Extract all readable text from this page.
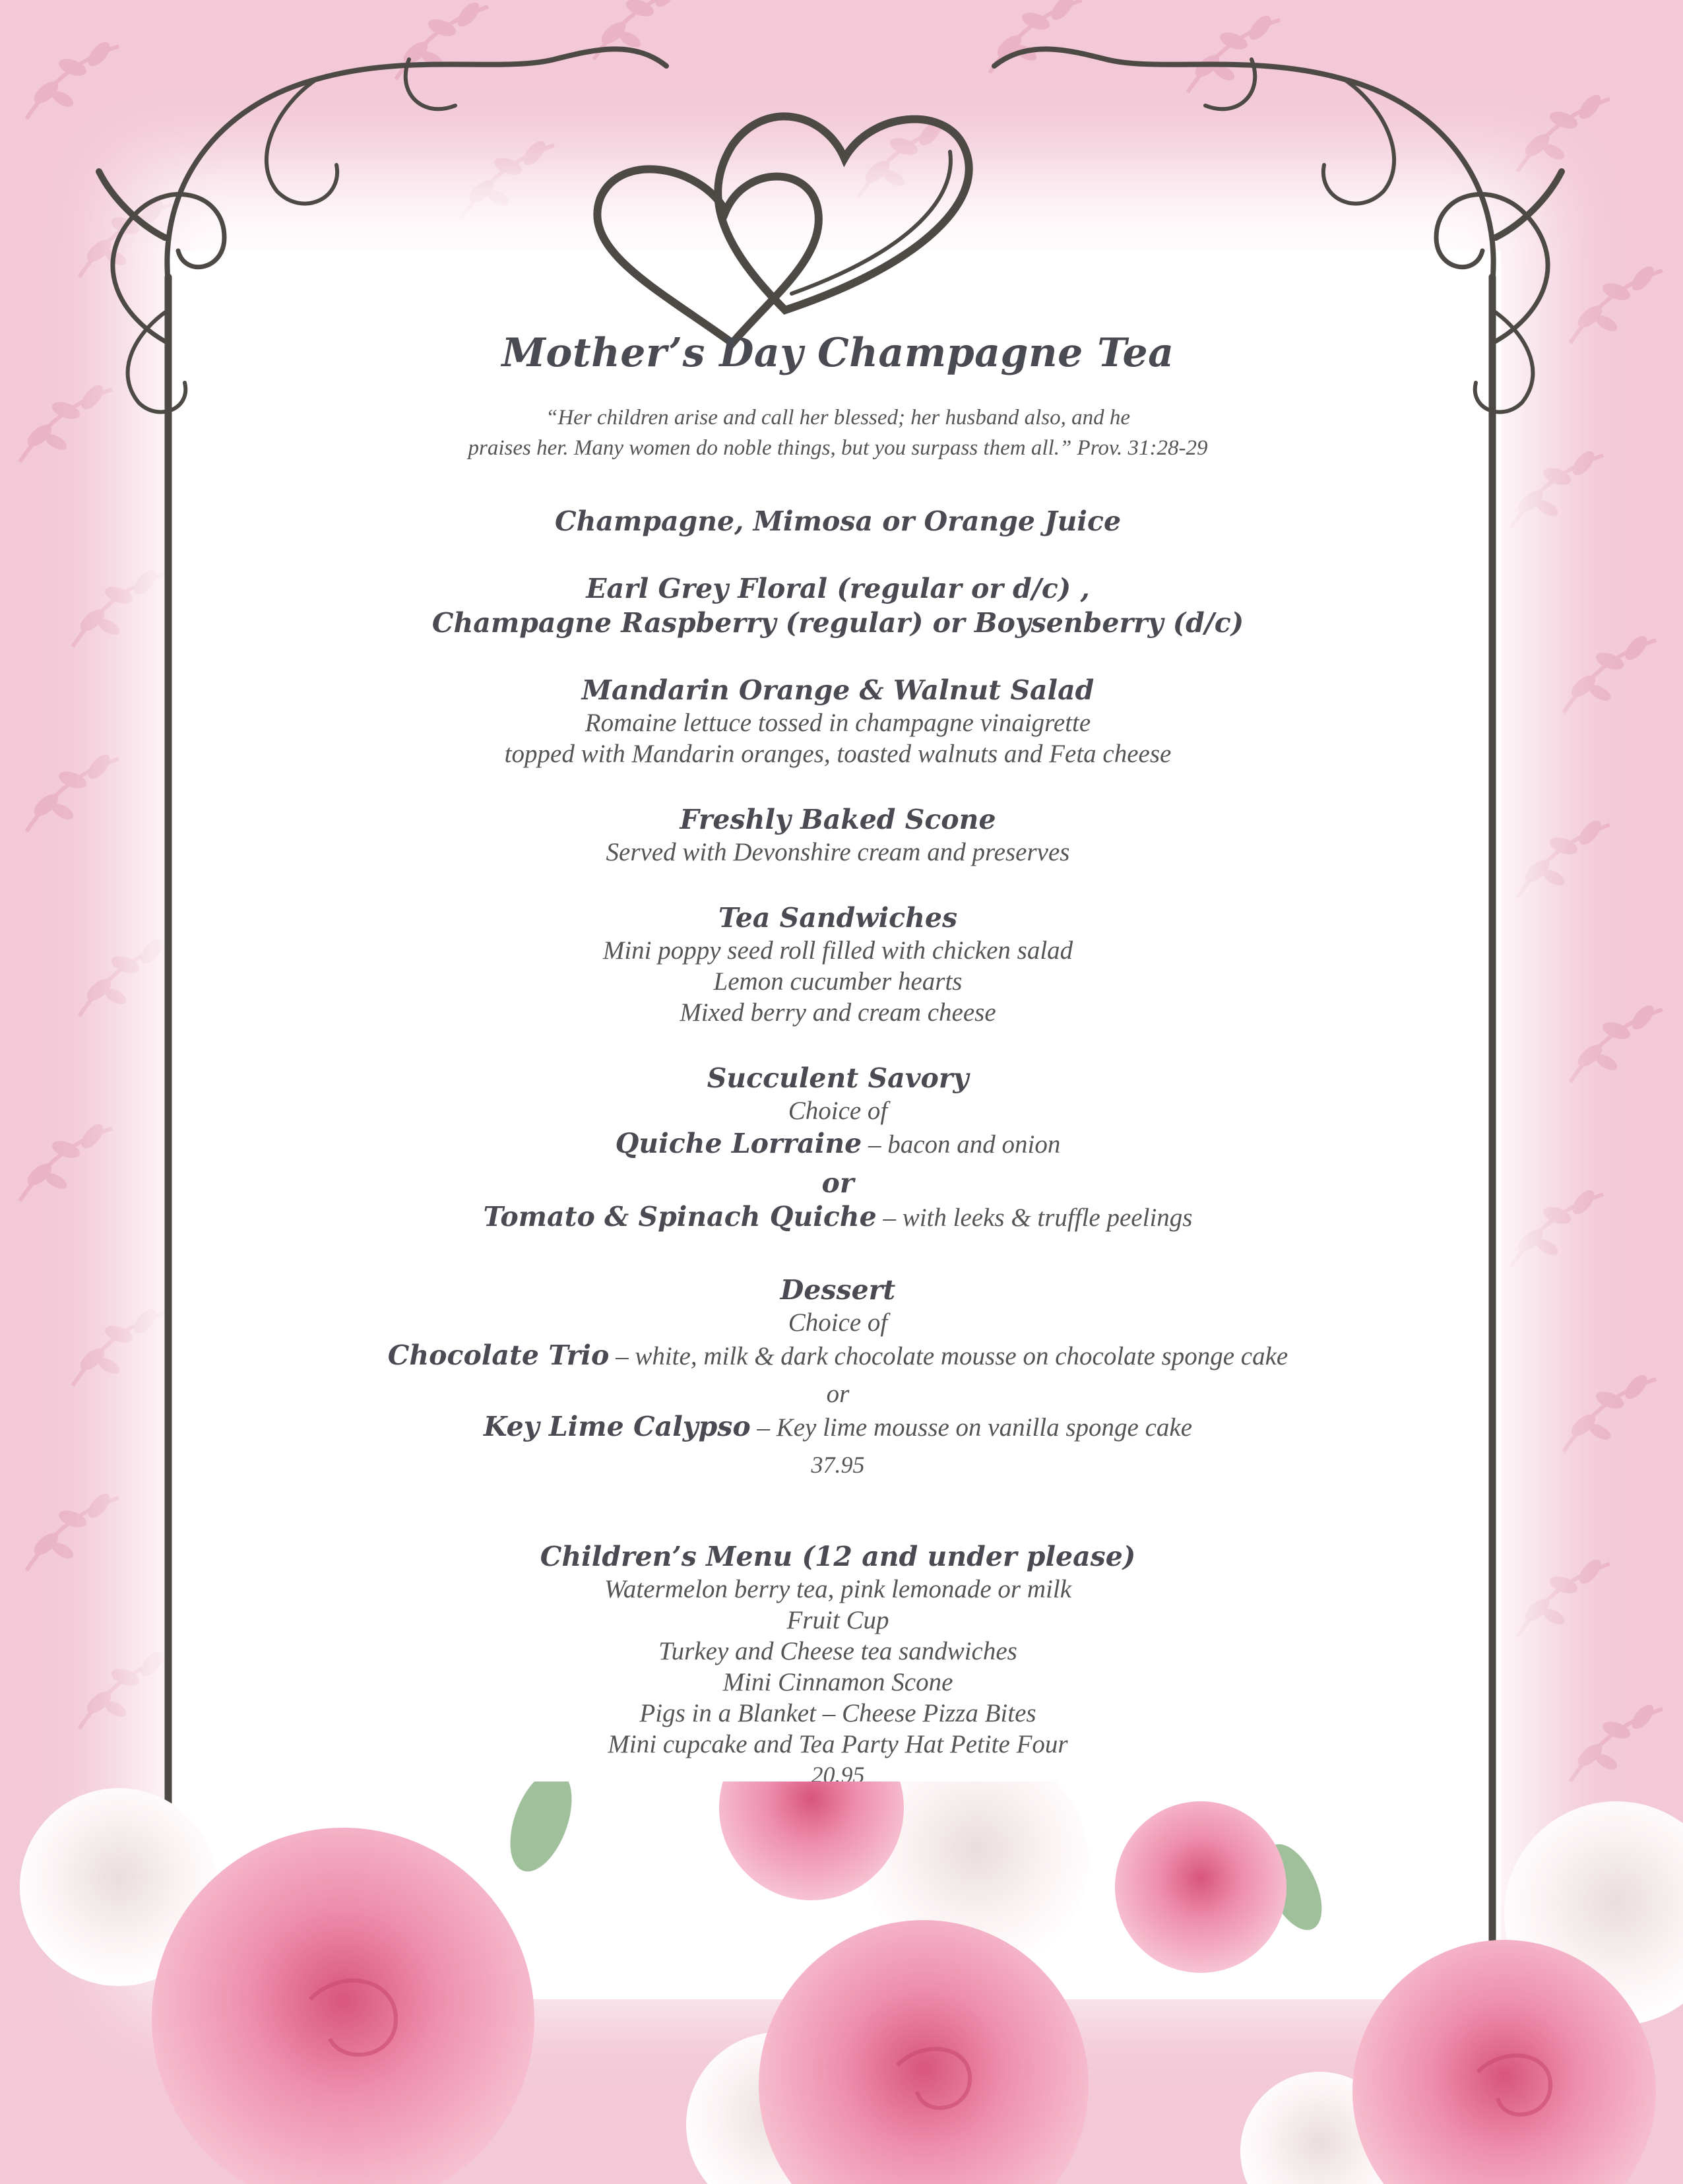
Mother’s Day Champagne Tea
“Her children arise and call her blessed; her husband also, and he
praises her. Many women do noble things, but you surpass them all.” Prov. 31:28-29
Champagne, Mimosa or Orange Juice
Earl Grey Floral (regular or d/c) ,
Champagne Raspberry (regular) or Boysenberry (d/c)
Mandarin Orange & Walnut Salad
Romaine lettuce tossed in champagne vinaigrette
topped with Mandarin oranges, toasted walnuts and Feta cheese
Freshly Baked Scone
Served with Devonshire cream and preserves
Tea Sandwiches
Mini poppy seed roll filled with chicken salad
Lemon cucumber hearts
Mixed berry and cream cheese
Succulent Savory
Choice of
Quiche Lorraine – bacon and onion
or
Tomato & Spinach Quiche – with leeks & truffle peelings
Dessert
Choice of
Chocolate Trio – white, milk & dark chocolate mousse on chocolate sponge cake
or
Key Lime Calypso – Key lime mousse on vanilla sponge cake
37.95
Children’s Menu (12 and under please)
Watermelon berry tea, pink lemonade or milk
Fruit Cup
Turkey and Cheese tea sandwiches
Mini Cinnamon Scone
Pigs in a Blanket – Cheese Pizza Bites
Mini cupcake and Tea Party Hat Petite Four
20.95
